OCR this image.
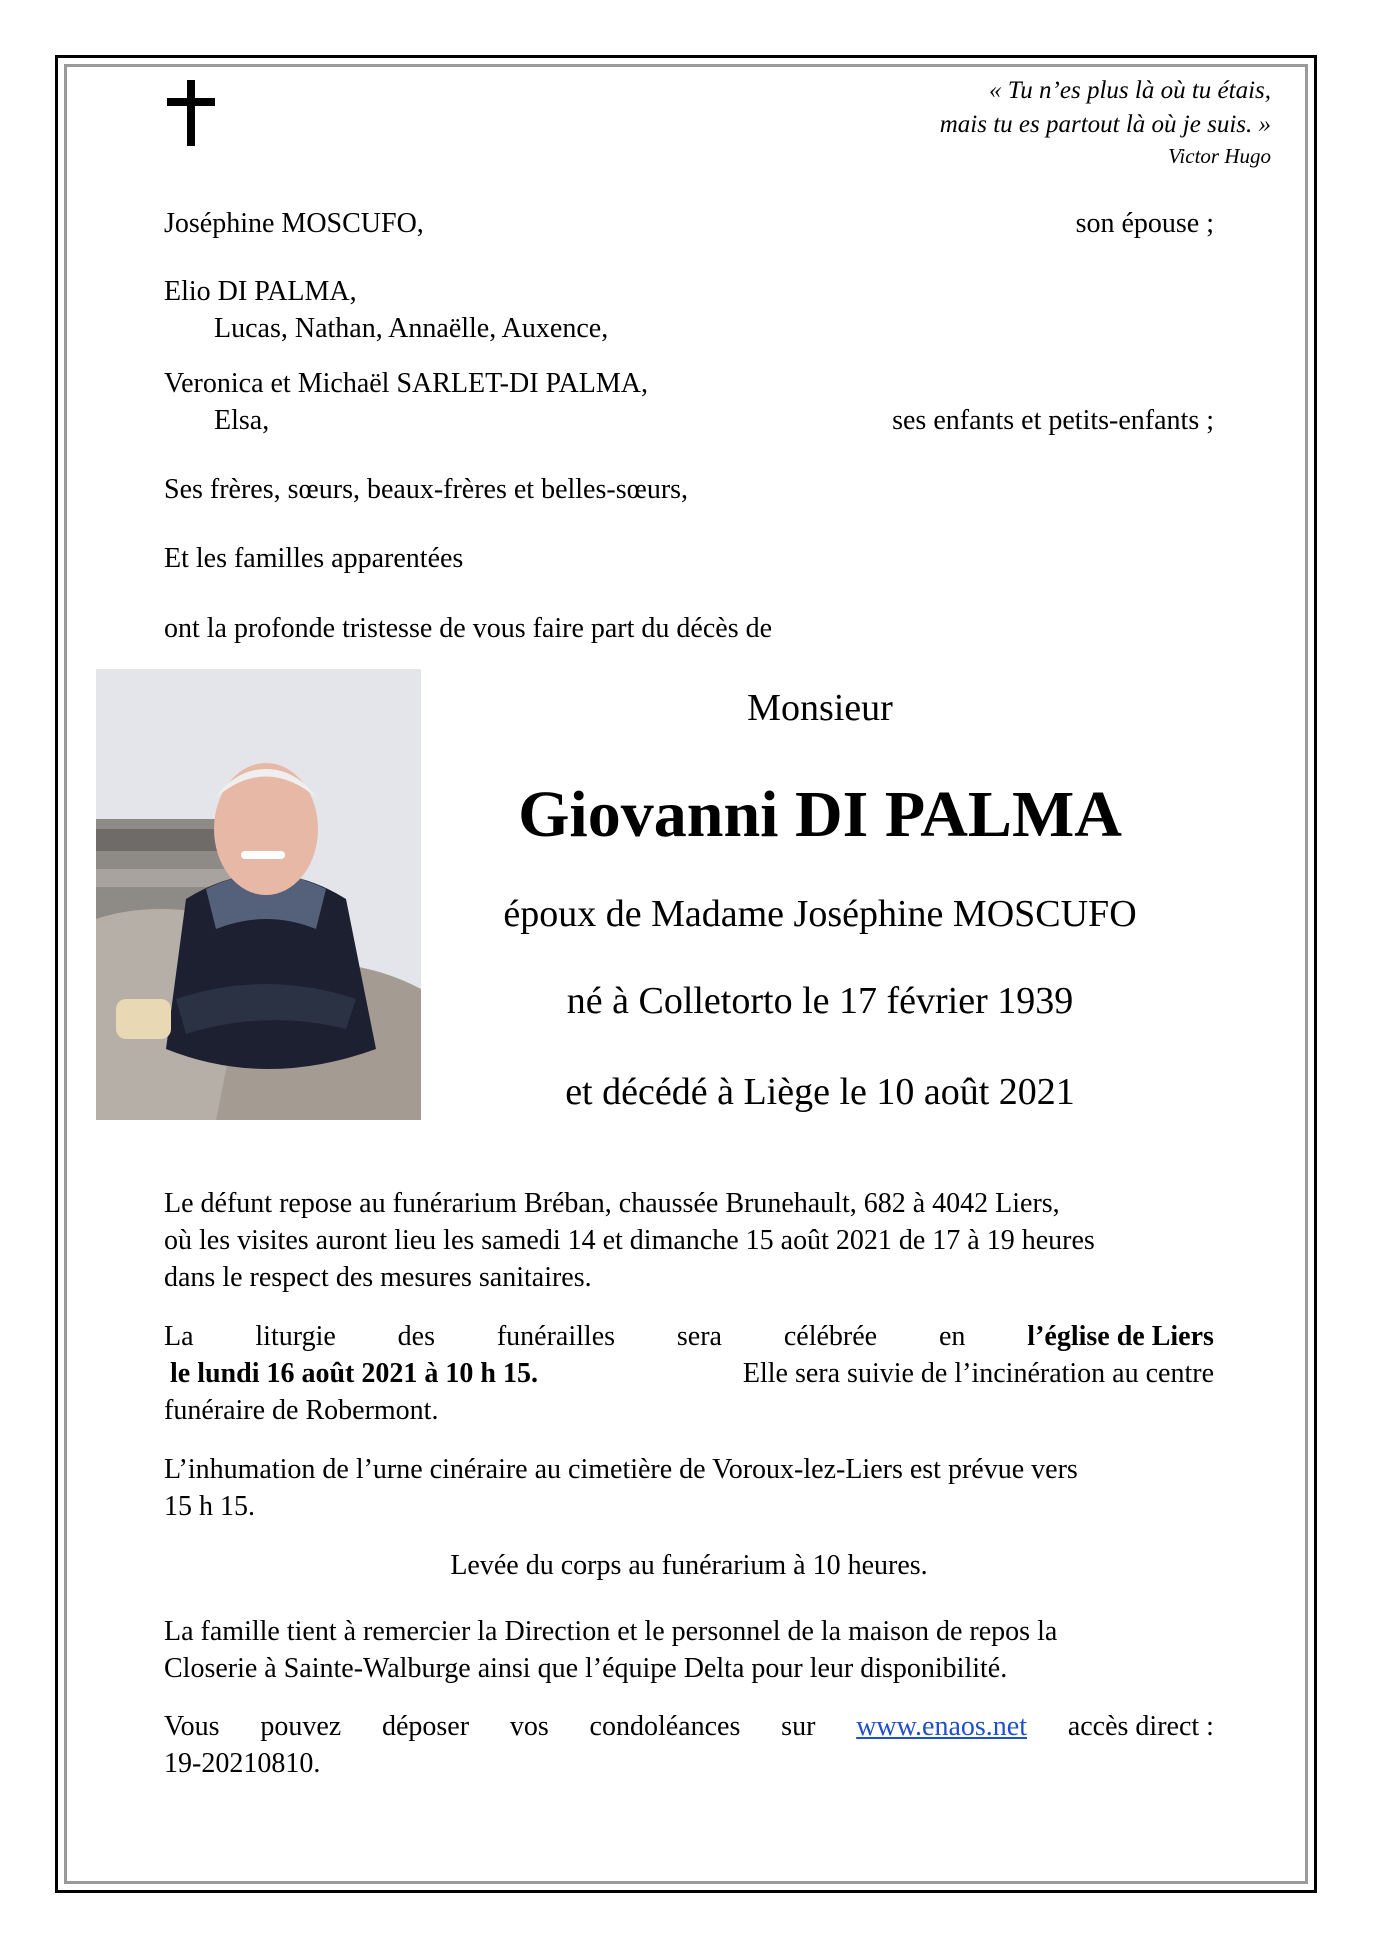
« Tu n’es plus là où tu étais,
mais tu es partout là où je suis. »
Victor Hugo
Joséphine MOSCUFO,	son épouse ;
Elio DI PALMA,
Lucas, Nathan, Annaëlle, Auxence,
Veronica et Michaël SARLET-DI PALMA,
Elsa,	ses enfants et petits-enfants ;
Ses frères, sœurs, beaux-frères et belles-sœurs,
Et les familles apparentées
ont la profonde tristesse de vous faire part du décès de
Monsieur
Giovanni DI PALMA
époux de Madame Joséphine MOSCUFO
né à Colletorto le 17 février 1939
et décédé à Liège le 10 août 2021
Le défunt repose au funérarium Bréban, chaussée Brunehault, 682 à 4042 Liers,
où les visites auront lieu les samedi 14 et dimanche 15 août 2021 de 17 à 19 heures
dans le respect des mesures sanitaires.
La liturgie des funérailles sera célébrée en l’église de Liers
le lundi 16 août 2021 à 10 h 15.	Elle sera suivie de l’incinération au centre
funéraire de Robermont.
L’inhumation de l’urne cinéraire au cimetière de Voroux-lez-Liers est prévue vers
15 h 15.
Levée du corps au funérarium à 10 heures.
La famille tient à remercier la Direction et le personnel de la maison de repos la
Closerie à Sainte-Walburge ainsi que l’équipe Delta pour leur disponibilité.
Vous pouvez déposer vos condoléances sur www.enaos.net accès direct :
19-20210810.
